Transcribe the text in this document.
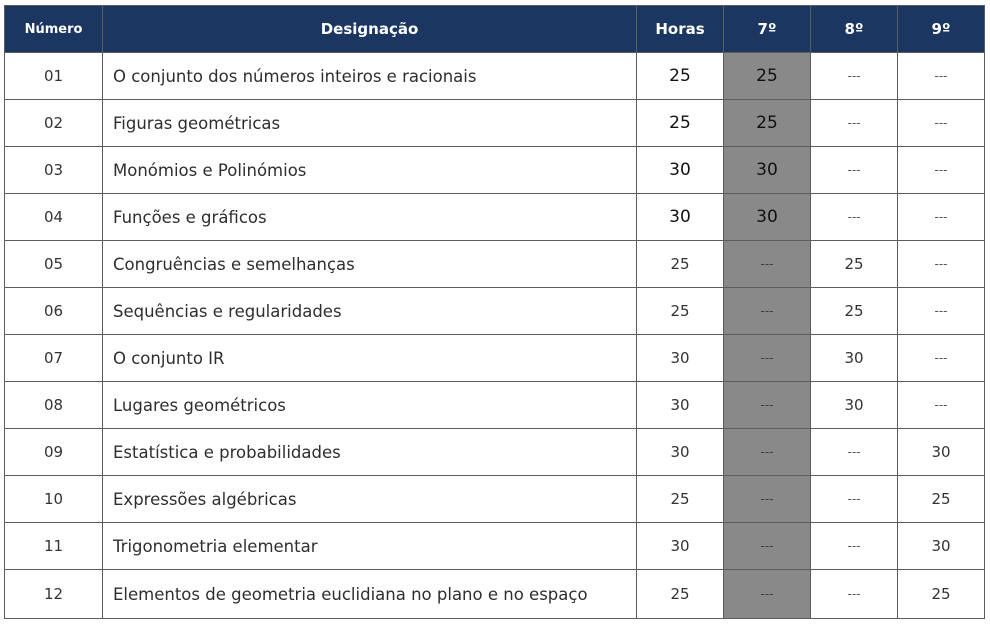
Número	Designação	Horas	7º	8º	9º
01	O conjunto dos números inteiros e racionais	25	25	---	---
02	Figuras geométricas	25	25	---	---
03	Monómios e Polinómios	30	30	---	---
04	Funções e gráficos	30	30	---	---
05	Congruências e semelhanças	25	---	25	---
06	Sequências e regularidades	25	---	25	---
07	O conjunto IR	30	---	30	---
08	Lugares geométricos	30	---	30	---
09	Estatística e probabilidades	30	---	---	30
10	Expressões algébricas	25	---	---	25
11	Trigonometria elementar	30	---	---	30
12	Elementos de geometria euclidiana no plano e no espaço	25	---	---	25
